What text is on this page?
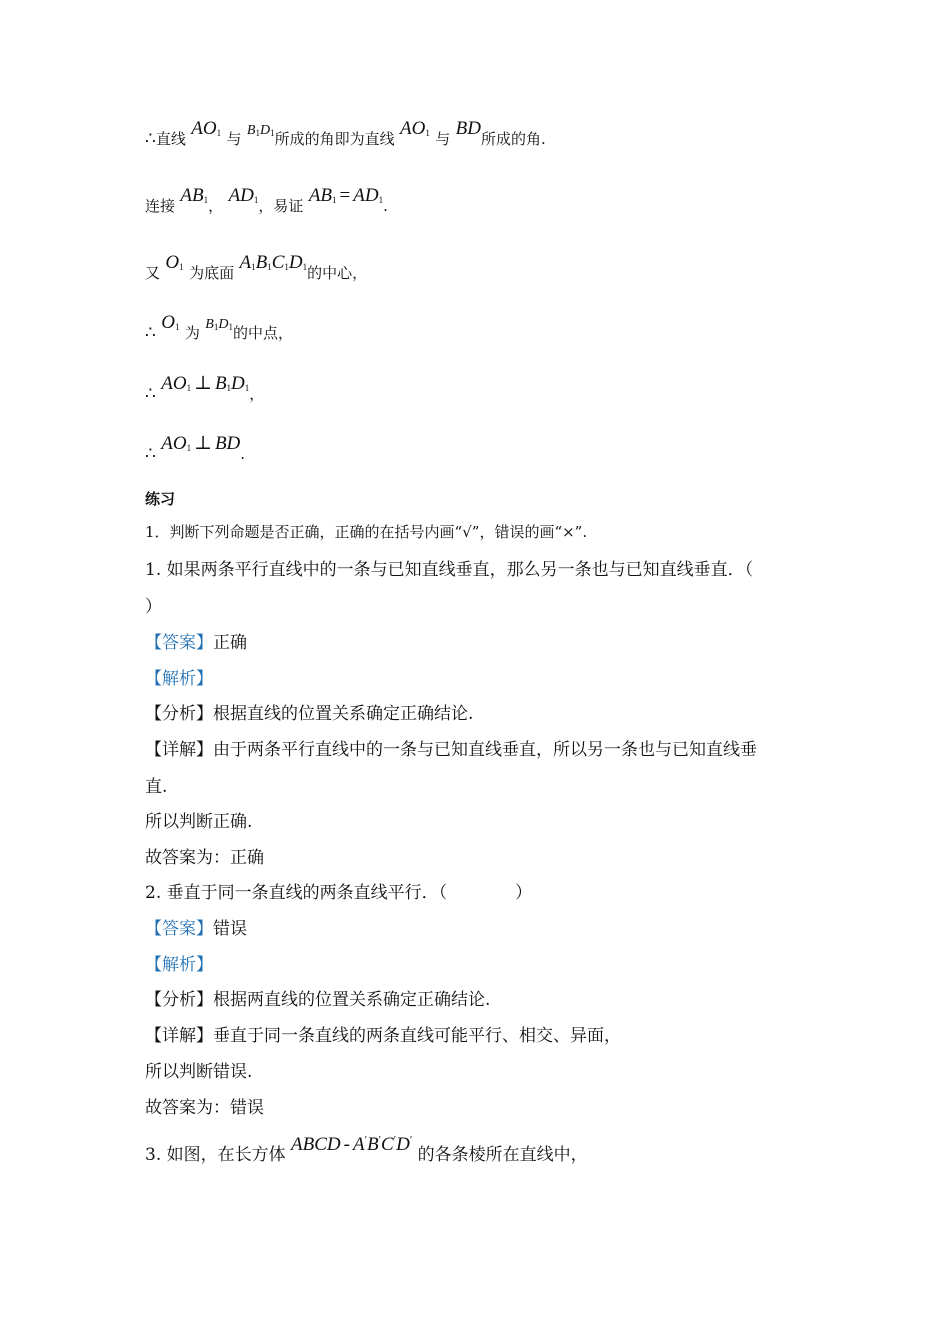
∴直线 $AO_1$ 与 $^{B_1D_1}$所成的角即为直线 $AO_1$ 与 BD所成的角.
连接 $AB_1$， $AD_1$，易证 $AB_1 = AD_1$.
又 $O_1$ 为底面 $A_1B_1C_1D_1$的中心，
∴ $O_1$ 为 $^{B_1D_1}$的中点，
∴ $AO_1$ ⊥ $B_1D_1$，
∴ $AO_1$ ⊥ BD.
练习
1．判断下列命题是否正确，正确的在括号内画“√”，错误的画“×”.
1. 如果两条平行直线中的一条与已知直线垂直，那么另一条也与已知直线垂直．（
）
【答案】正确
【解析】
【分析】根据直线的位置关系确定正确结论.
【详解】由于两条平行直线中的一条与已知直线垂直，所以另一条也与已知直线垂
直.
所以判断正确.
故答案为：正确
2. 垂直于同一条直线的两条直线平行．（　　　　）
【答案】错误
【解析】
【分析】根据两直线的位置关系确定正确结论.
【详解】垂直于同一条直线的两条直线可能平行、相交、异面，
所以判断错误.
故答案为：错误
3. 如图，在长方体 ABCD - A′B′C′D′ 的各条棱所在直线中，
